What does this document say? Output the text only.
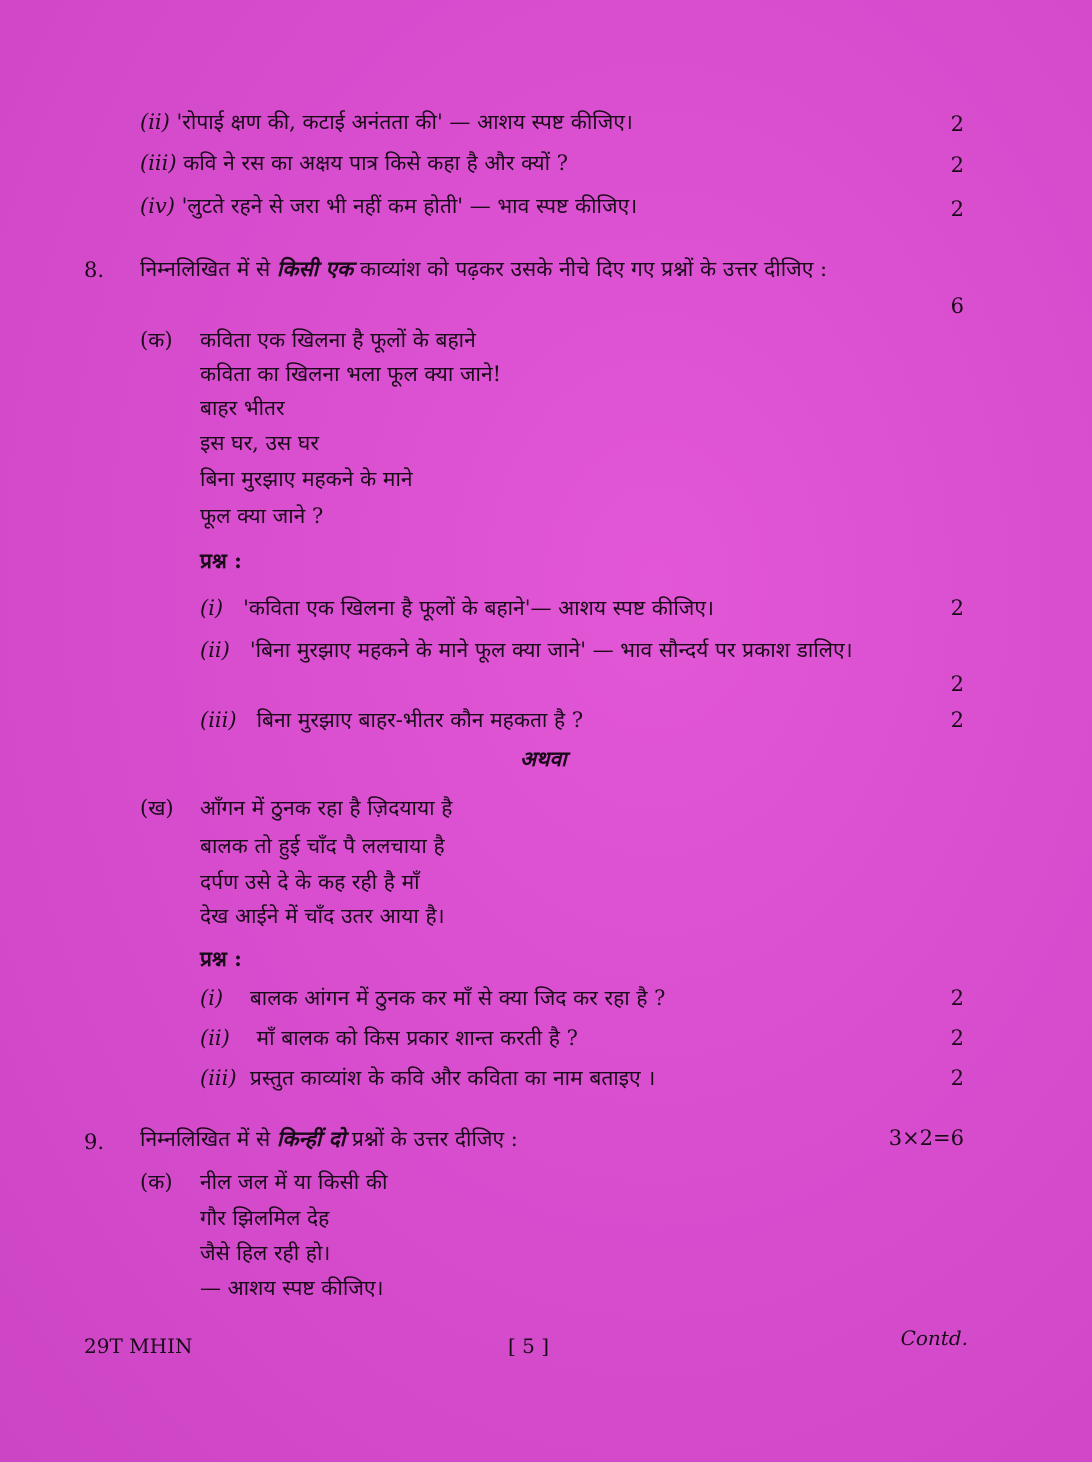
(ii) 'रोपाई क्षण की, कटाई अनंतता की' — आशय स्पष्ट कीजिए।	2
(iii) कवि ने रस का अक्षय पात्र किसे कहा है और क्यों ?	2
(iv) 'लुटते रहने से जरा भी नहीं कम होती' — भाव स्पष्ट कीजिए।	2
8. निम्नलिखित में से किसी एक काव्यांश को पढ़कर उसके नीचे दिए गए प्रश्नों के उत्तर दीजिए :
6
(क) कविता एक खिलना है फूलों के बहाने
कविता का खिलना भला फूल क्या जाने!
बाहर भीतर
इस घर, उस घर
बिना मुरझाए महकने के माने
फूल क्या जाने ?
प्रश्न :
(i) 'कविता एक खिलना है फूलों के बहाने'— आशय स्पष्ट कीजिए।	2
(ii) 'बिना मुरझाए महकने के माने फूल क्या जाने' — भाव सौन्दर्य पर प्रकाश डालिए।
2
(iii) बिना मुरझाए बाहर-भीतर कौन महकता है ?	2
अथवा
(ख) आँगन में ठुनक रहा है ज़िदयाया है
बालक तो हुई चाँद पै ललचाया है
दर्पण उसे दे के कह रही है माँ
देख आईने में चाँद उतर आया है।
प्रश्न :
(i) बालक आंगन में ठुनक कर माँ से क्या जिद कर रहा है ?	2
(ii) माँ बालक को किस प्रकार शान्त करती है ?	2
(iii) प्रस्तुत काव्यांश के कवि और कविता का नाम बताइए ।	2
9. निम्नलिखित में से किन्हीं दो प्रश्नों के उत्तर दीजिए :	3×2=6
(क) नील जल में या किसी की
गौर झिलमिल देह
जैसे हिल रही हो।
— आशय स्पष्ट कीजिए।
29T MHIN	[ 5 ]	Contd.
